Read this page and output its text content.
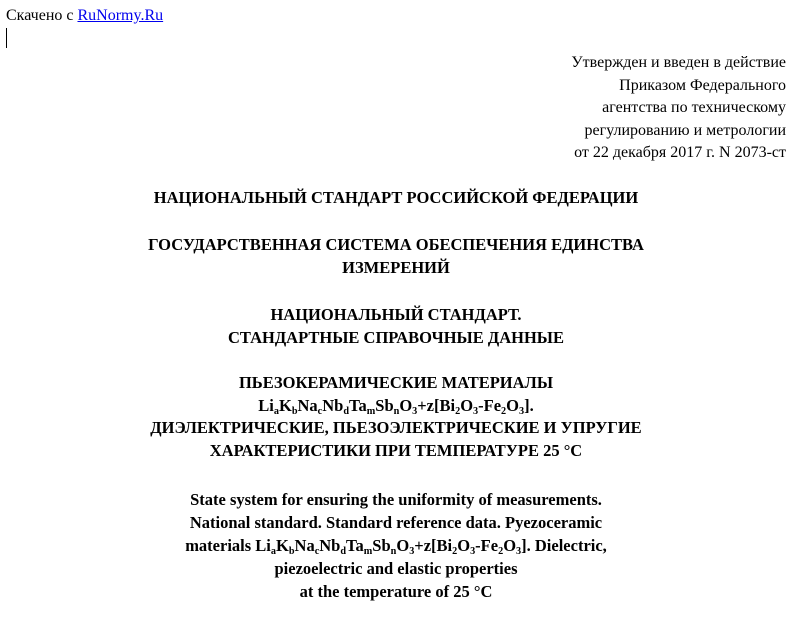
Скачено с RuNormy.Ru
Утвержден и введен в действие
Приказом Федерального
агентства по техническому
регулированию и метрологии
от 22 декабря 2017 г. N 2073-ст
НАЦИОНАЛЬНЫЙ СТАНДАРТ РОССИЙСКОЙ ФЕДЕРАЦИИ
ГОСУДАРСТВЕННАЯ СИСТЕМА ОБЕСПЕЧЕНИЯ ЕДИНСТВА
ИЗМЕРЕНИЙ
НАЦИОНАЛЬНЫЙ СТАНДАРТ.
СТАНДАРТНЫЕ СПРАВОЧНЫЕ ДАННЫЕ
ПЬЕЗОКЕРАМИЧЕСКИЕ МАТЕРИАЛЫ
$Li_aK_bNa_cNb_dTa_mSb_nO_3+z[Bi_2O_3-Fe_2O_3]$.
ДИЭЛЕКТРИЧЕСКИЕ, ПЬЕЗОЭЛЕКТРИЧЕСКИЕ И УПРУГИЕ
ХАРАКТЕРИСТИКИ ПРИ ТЕМПЕРАТУРЕ 25 °C
State system for ensuring the uniformity of measurements.
National standard. Standard reference data. Pyezoceramic
materials $Li_aK_bNa_cNb_dTa_mSb_nO_3+z[Bi_2O_3-Fe_2O_3]$. Dielectric,
piezoelectric and elastic properties
at the temperature of 25 °C
